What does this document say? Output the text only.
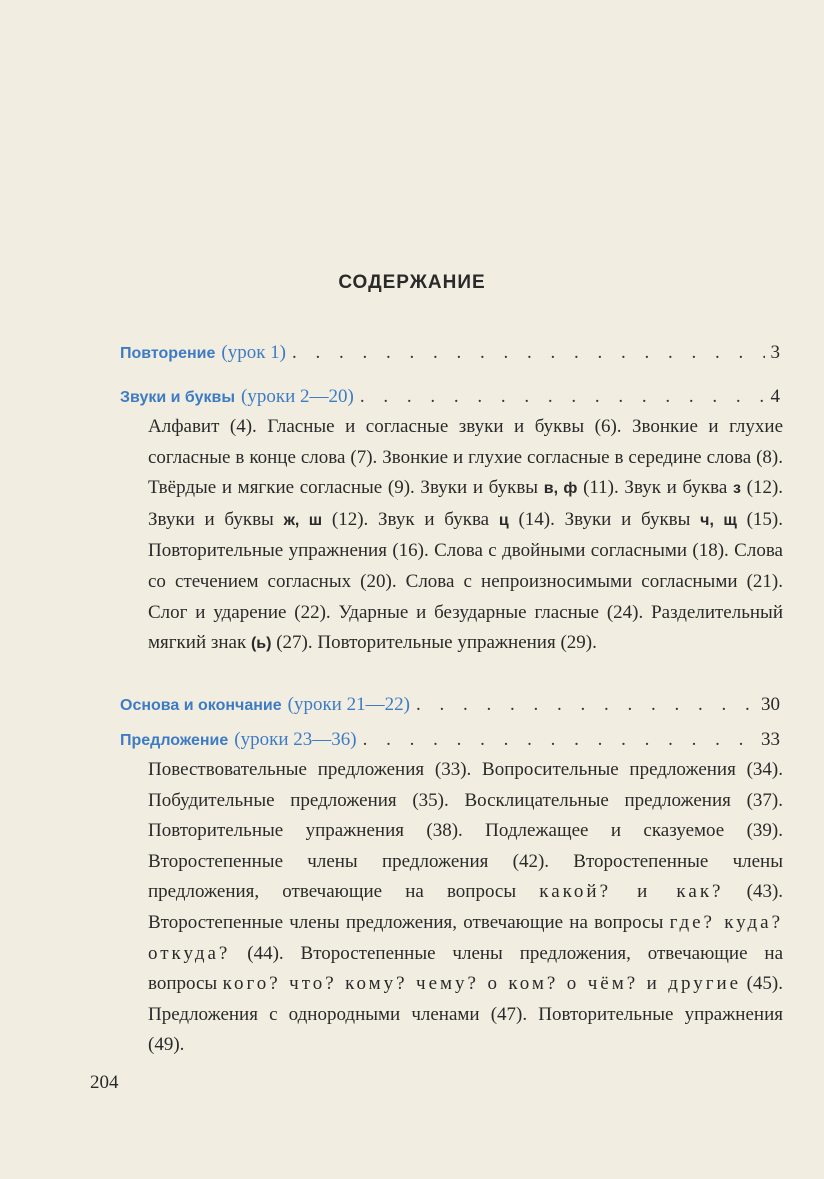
СОДЕРЖАНИЕ
Повторение (урок 1) . . .	3
Звуки и буквы (уроки 2—20) . . .	4
Алфавит (4). Гласные и согласные звуки и буквы (6). Звонкие и глухие согласные в конце слова (7). Звонкие и глухие согласные в середине слова (8). Твёрдые и мягкие согласные (9). Звуки и буквы в, ф (11). Звук и буква з (12). Звуки и буквы ж, ш (12). Звук и буква ц (14). Звуки и буквы ч, щ (15). Повторительные упражнения (16). Слова с двойными согласными (18). Слова со стечением согласных (20). Слова с непроизносимыми согласными (21). Слог и ударение (22). Ударные и безударные гласные (24). Разделительный мягкий знак (ь) (27). Повторительные упражнения (29).
Основа и окончание (уроки 21—22) . . .	30
Предложение (уроки 23—36) . . .	33
Повествовательные предложения (33). Вопросительные предложения (34). Побудительные предложения (35). Восклицательные предложения (37). Повторительные упражнения (38). Подлежащее и сказуемое (39). Второстепенные члены предложения (42). Второстепенные члены предложения, отвечающие на вопросы какой? и как? (43). Второстепенные члены предложения, отвечающие на вопросы где? куда? откуда? (44). Второстепенные члены предложения, отвечающие на вопросы кого? что? кому? чему? о ком? о чём? и другие (45). Предложения с однородными членами (47). Повторительные упражнения (49).
204
